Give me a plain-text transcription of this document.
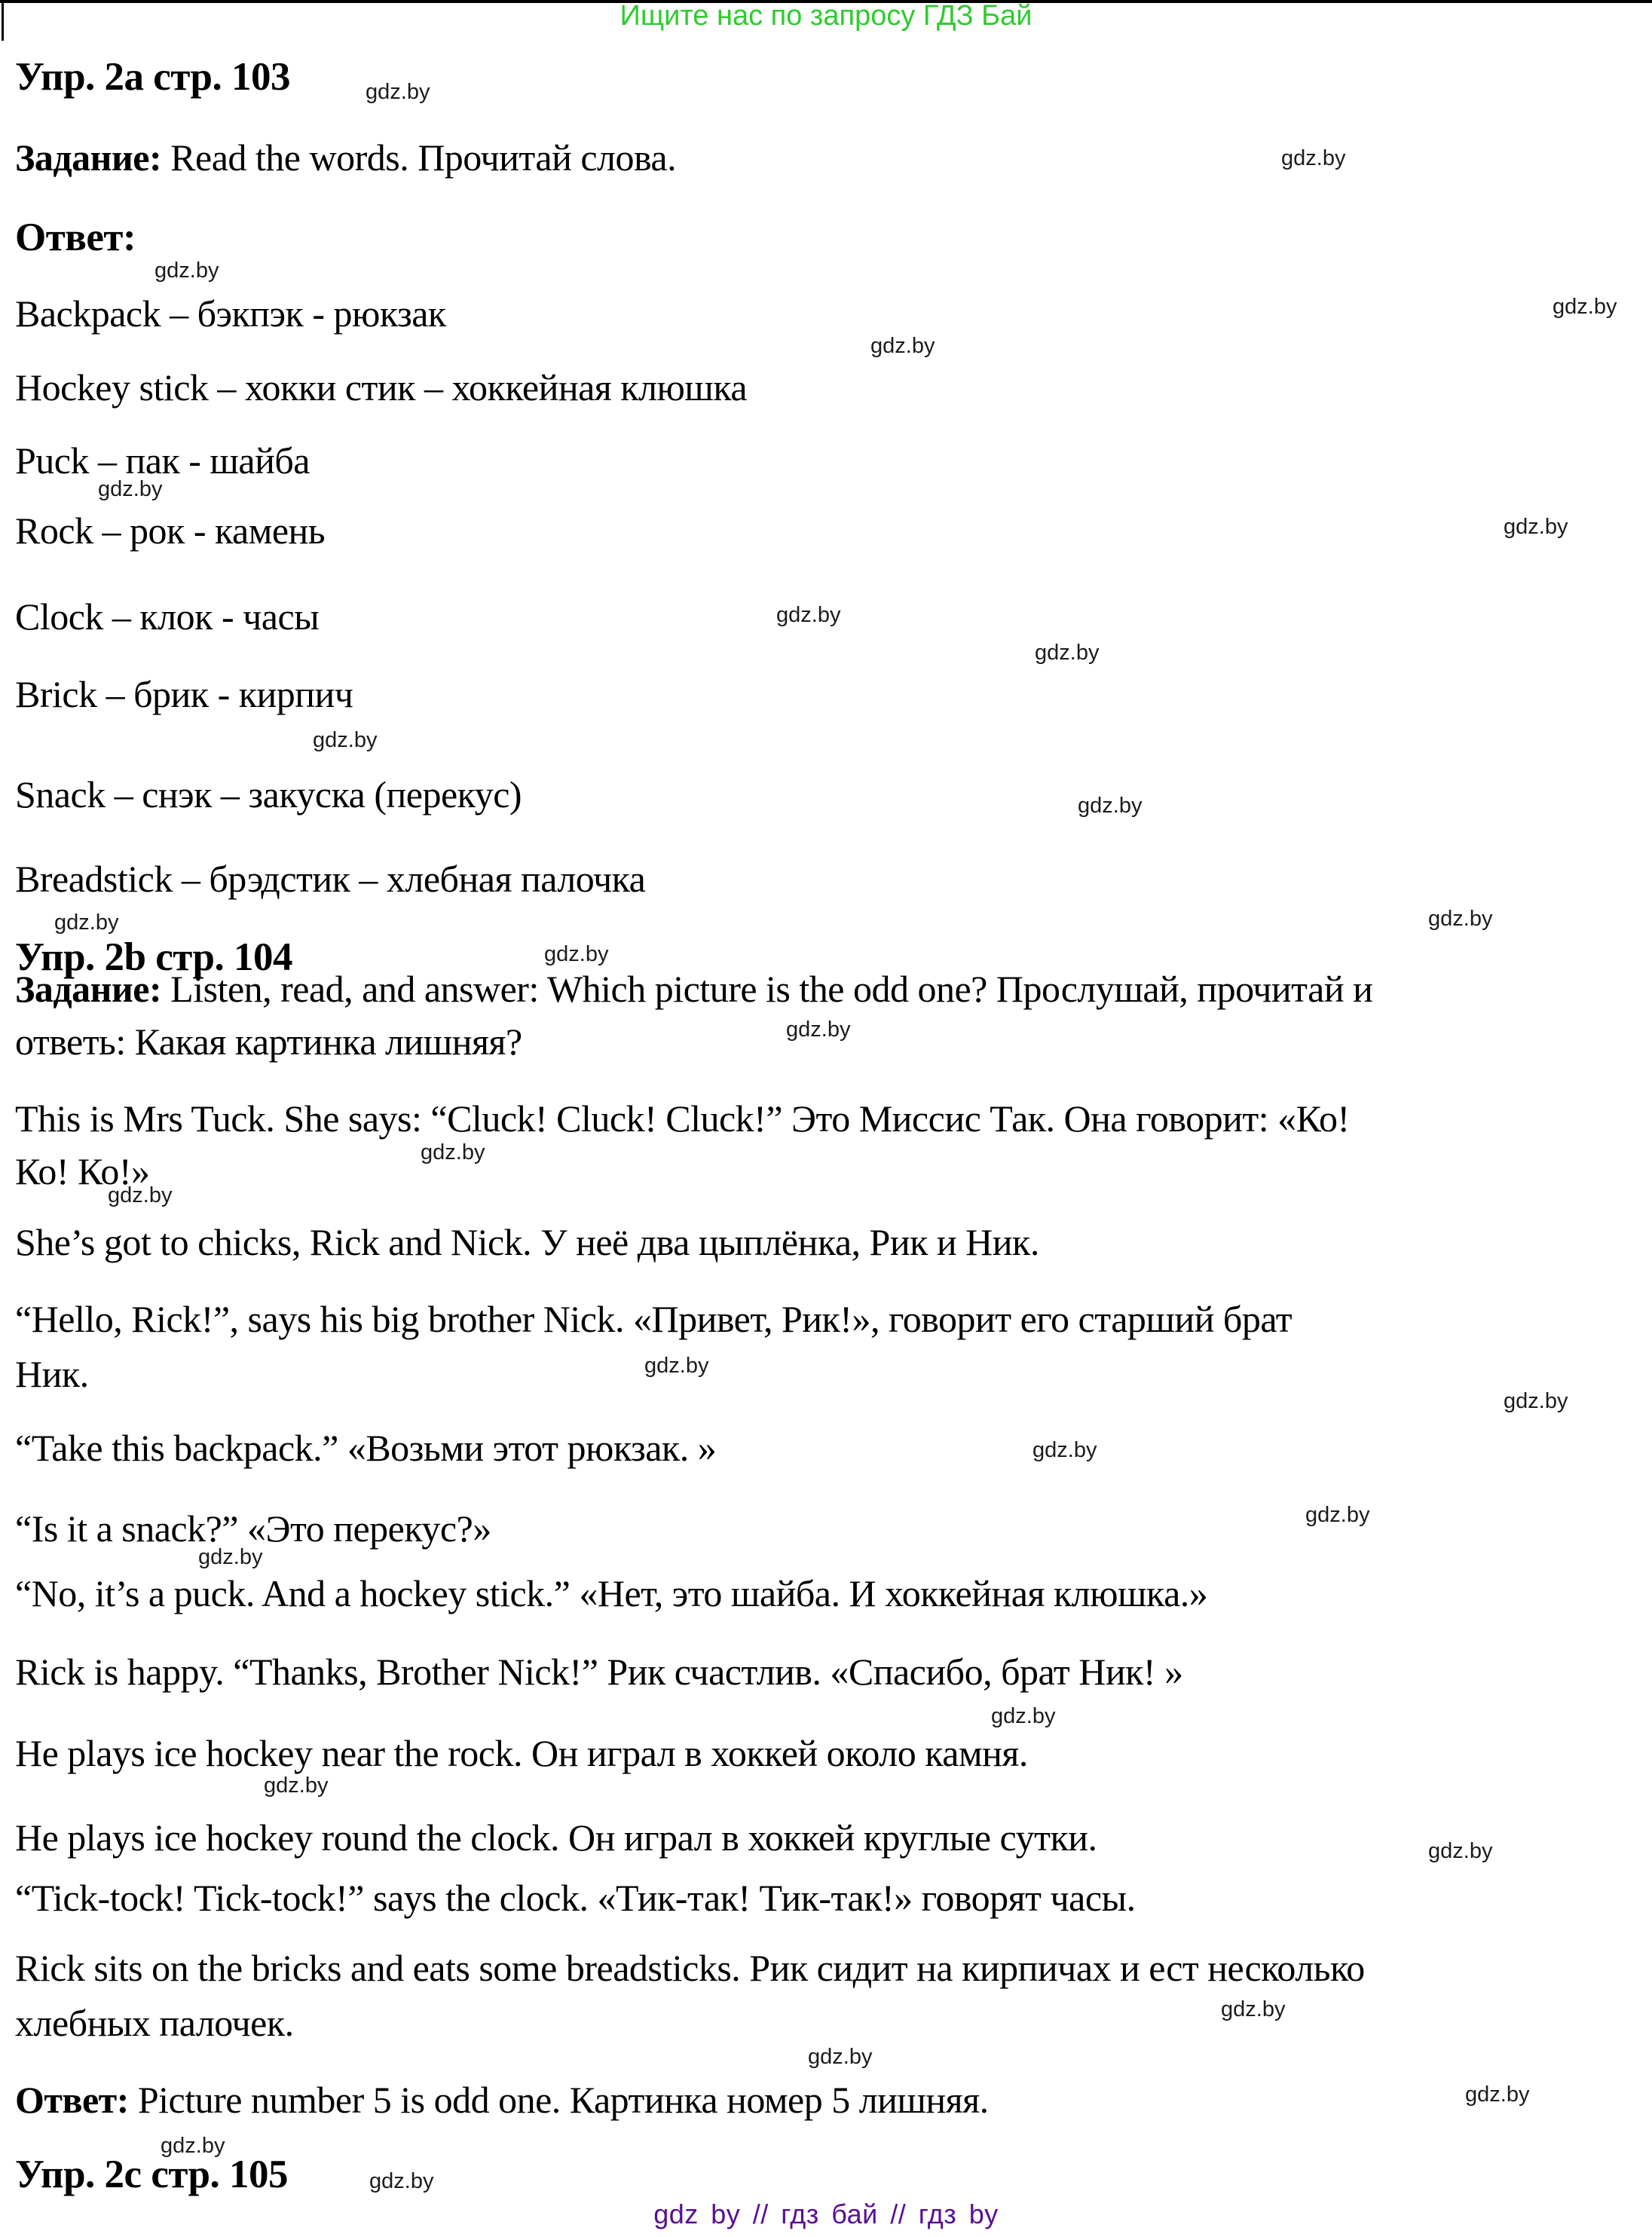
Ищите нас по запросу ГДЗ Бай
Упр. 2а стр. 103
Задание: Read the words. Прочитай слова.
Ответ:
Backpack – бэкпэк - рюкзак
Hockey stick – хокки стик – хоккейная клюшка
Puck – пак - шайба
Rock – рок - камень
Clock – клок - часы
Brick – брик - кирпич
Snack – снэк – закуска (перекус)
Breadstick – брэдстик – хлебная палочка
Упр. 2b стр. 104
Задание: Listen, read, and answer: Which picture is the odd one? Прослушай, прочитай и
ответь: Какая картинка лишняя?
This is Mrs Tuck. She says: “Cluck! Cluck! Cluck!” Это Миссис Так. Она говорит: «Ко!
Ко! Ко!»
She’s got to chicks, Rick and Nick. У неё два цыплёнка, Рик и Ник.
“Hello, Rick!”, says his big brother Nick. «Привет, Рик!», говорит его старший брат
Ник.
“Take this backpack.” «Возьми этот рюкзак. »
“Is it a snack?” «Это перекус?»
“No, it’s a puck. And a hockey stick.” «Нет, это шайба. И хоккейная клюшка.»
Rick is happy. “Thanks, Brother Nick!” Рик счастлив. «Спасибо, брат Ник! »
He plays ice hockey near the rock. Он играл в хоккей около камня.
He plays ice hockey round the clock. Он играл в хоккей круглые сутки.
“Tick-tock! Tick-tock!” says the clock. «Тик-так! Тик-так!» говорят часы.
Rick sits on the bricks and eats some breadsticks. Рик сидит на кирпичах и ест несколько
хлебных палочек.
Ответ: Picture number 5 is odd one. Картинка номер 5 лишняя.
Упр. 2c стр. 105
gdz.by
gdz.by
gdz.by
gdz.by
gdz.by
gdz.by
gdz.by
gdz.by
gdz.by
gdz.by
gdz.by
gdz.by	gdz.by
gdz.by
gdz.by
gdz.by
gdz.by
gdz.by
gdz.by
gdz.by
gdz.by
gdz.by
gdz.by
gdz.by
gdz.by
gdz.by
gdz.by
gdz.by
gdz.by
gdz.by
gdz by // гдз бай // гдз by
